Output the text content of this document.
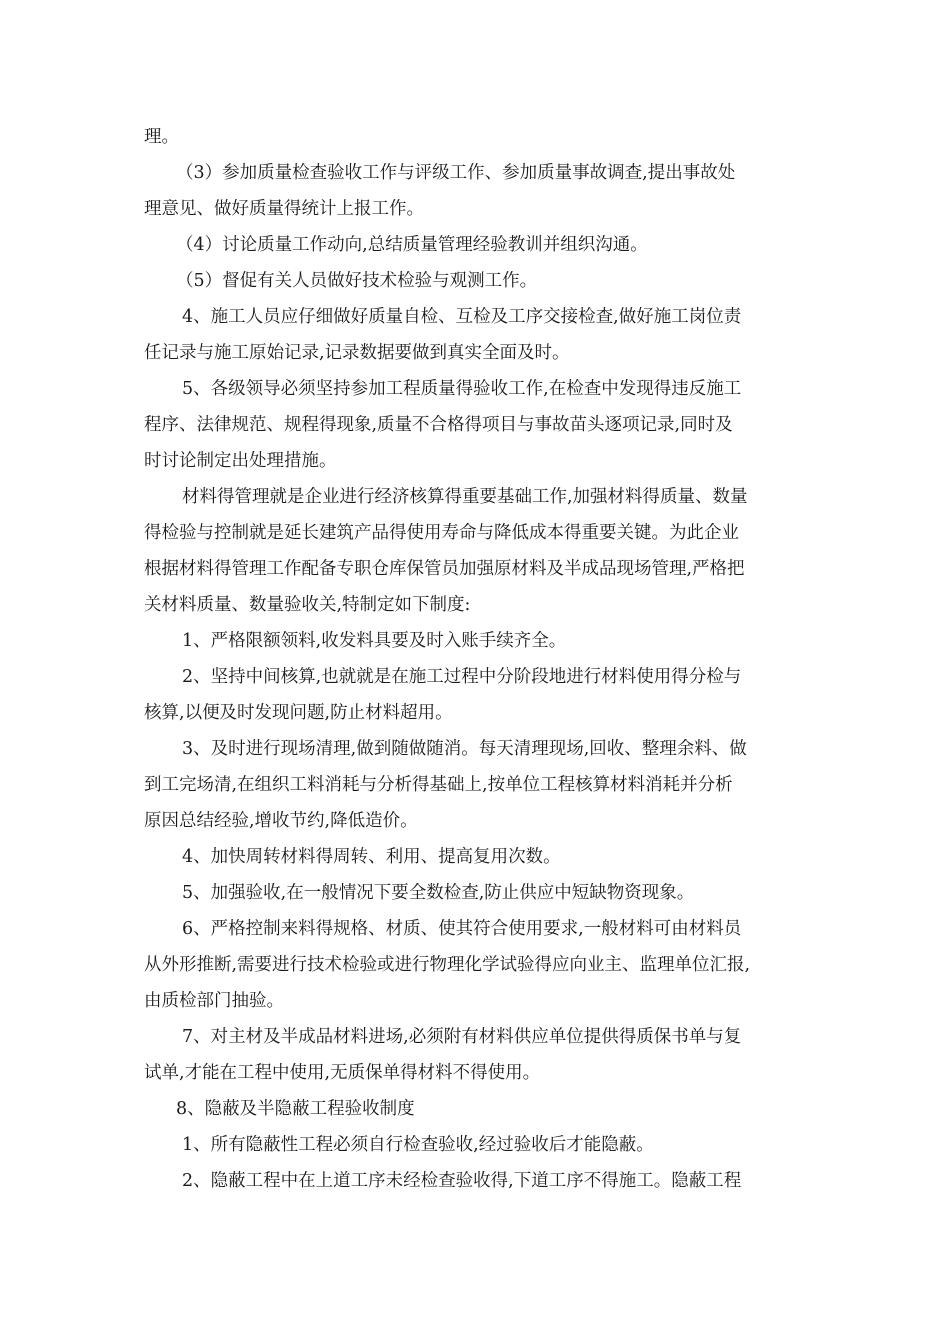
理。
（3）参加质量检查验收工作与评级工作、参加质量事故调查,提出事故处
理意见、做好质量得统计上报工作。
（4）讨论质量工作动向,总结质量管理经验教训并组织沟通。
（5）督促有关人员做好技术检验与观测工作。
4、施工人员应仔细做好质量自检、互检及工序交接检查,做好施工岗位责
任记录与施工原始记录,记录数据要做到真实全面及时。
5、各级领导必须坚持参加工程质量得验收工作,在检查中发现得违反施工
程序、法律规范、规程得现象,质量不合格得项目与事故苗头逐项记录,同时及
时讨论制定出处理措施。
材料得管理就是企业进行经济核算得重要基础工作,加强材料得质量、数量
得检验与控制就是延长建筑产品得使用寿命与降低成本得重要关键。为此企业
根据材料得管理工作配备专职仓库保管员加强原材料及半成品现场管理,严格把
关材料质量、数量验收关,特制定如下制度:
1、严格限额领料,收发料具要及时入账手续齐全。
2、坚持中间核算,也就就是在施工过程中分阶段地进行材料使用得分检与
核算,以便及时发现问题,防止材料超用。
3、及时进行现场清理,做到随做随消。每天清理现场,回收、整理余料、做
到工完场清,在组织工料消耗与分析得基础上,按单位工程核算材料消耗并分析
原因总结经验,增收节约,降低造价。
4、加快周转材料得周转、利用、提高复用次数。
5、加强验收,在一般情况下要全数检查,防止供应中短缺物资现象。
6、严格控制来料得规格、材质、使其符合使用要求,一般材料可由材料员
从外形推断,需要进行技术检验或进行物理化学试验得应向业主、监理单位汇报,
由质检部门抽验。
7、对主材及半成品材料进场,必须附有材料供应单位提供得质保书单与复
试单,才能在工程中使用,无质保单得材料不得使用。
8、隐蔽及半隐蔽工程验收制度
1、所有隐蔽性工程必须自行检查验收,经过验收后才能隐蔽。
2、隐蔽工程中在上道工序未经检查验收得,下道工序不得施工。隐蔽工程
